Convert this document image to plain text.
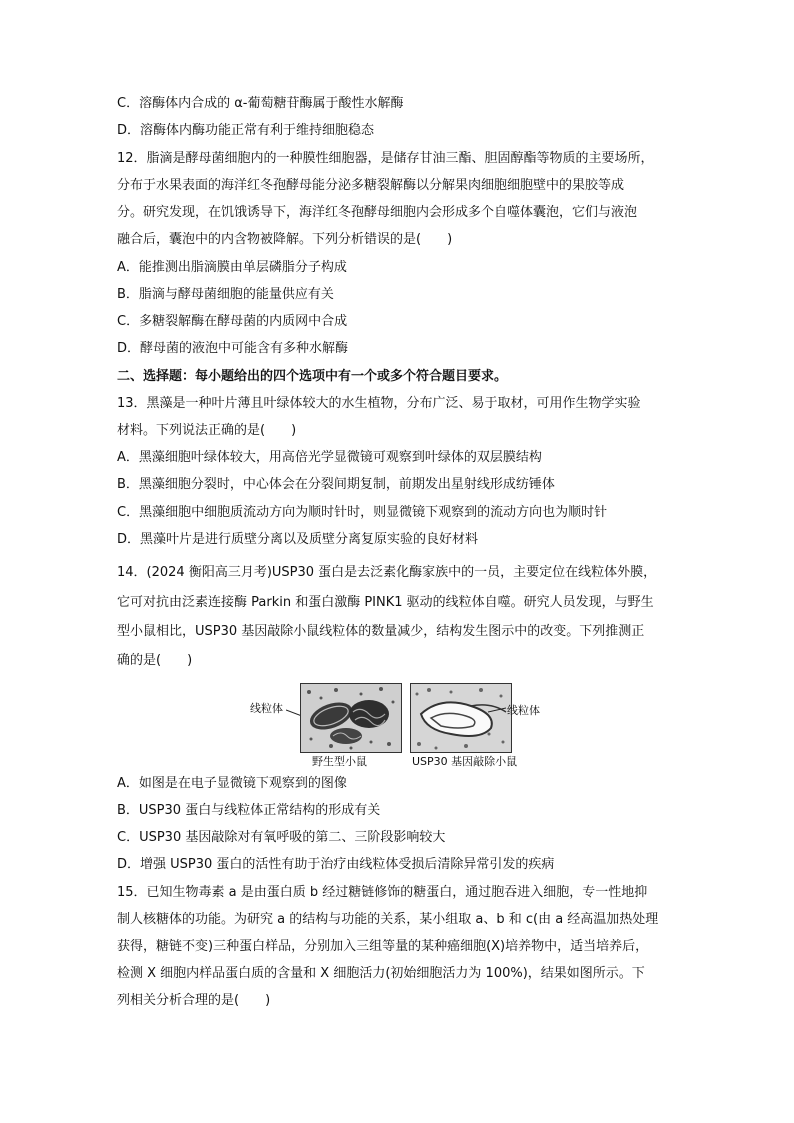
C．溶酶体内合成的 α-葡萄糖苷酶属于酸性水解酶
D．溶酶体内酶功能正常有利于维持细胞稳态
12．脂滴是酵母菌细胞内的一种膜性细胞器，是储存甘油三酯、胆固醇酯等物质的主要场所，
分布于水果表面的海洋红冬孢酵母能分泌多糖裂解酶以分解果肉细胞细胞壁中的果胶等成
分。研究发现，在饥饿诱导下，海洋红冬孢酵母细胞内会形成多个自噬体囊泡，它们与液泡
融合后，囊泡中的内含物被降解。下列分析错误的是(　　)
A．能推测出脂滴膜由单层磷脂分子构成
B．脂滴与酵母菌细胞的能量供应有关
C．多糖裂解酶在酵母菌的内质网中合成
D．酵母菌的液泡中可能含有多种水解酶
二、选择题：每小题给出的四个选项中有一个或多个符合题目要求。
13．黑藻是一种叶片薄且叶绿体较大的水生植物，分布广泛、易于取材，可用作生物学实验
材料。下列说法正确的是(　　)
A．黑藻细胞叶绿体较大，用高倍光学显微镜可观察到叶绿体的双层膜结构
B．黑藻细胞分裂时，中心体会在分裂间期复制，前期发出星射线形成纺锤体
C．黑藻细胞中细胞质流动方向为顺时针时，则显微镜下观察到的流动方向也为顺时针
D．黑藻叶片是进行质壁分离以及质壁分离复原实验的良好材料
14．(2024 衡阳高三月考)USP30 蛋白是去泛素化酶家族中的一员，主要定位在线粒体外膜，
它可对抗由泛素连接酶 Parkin 和蛋白激酶 PINK1 驱动的线粒体自噬。研究人员发现，与野生
型小鼠相比，USP30 基因敲除小鼠线粒体的数量减少，结构发生图示中的改变。下列推测正
确的是(　　)
线粒体
野生型小鼠
线粒体
USP30 基因敲除小鼠
A．如图是在电子显微镜下观察到的图像
B．USP30 蛋白与线粒体正常结构的形成有关
C．USP30 基因敲除对有氧呼吸的第二、三阶段影响较大
D．增强 USP30 蛋白的活性有助于治疗由线粒体受损后清除异常引发的疾病
15．已知生物毒素 a 是由蛋白质 b 经过糖链修饰的糖蛋白，通过胞吞进入细胞，专一性地抑
制人核糖体的功能。为研究 a 的结构与功能的关系，某小组取 a、b 和 c(由 a 经高温加热处理
获得，糖链不变)三种蛋白样品，分别加入三组等量的某种癌细胞(X)培养物中，适当培养后，
检测 X 细胞内样品蛋白质的含量和 X 细胞活力(初始细胞活力为 100%)，结果如图所示。下
列相关分析合理的是(　　)
